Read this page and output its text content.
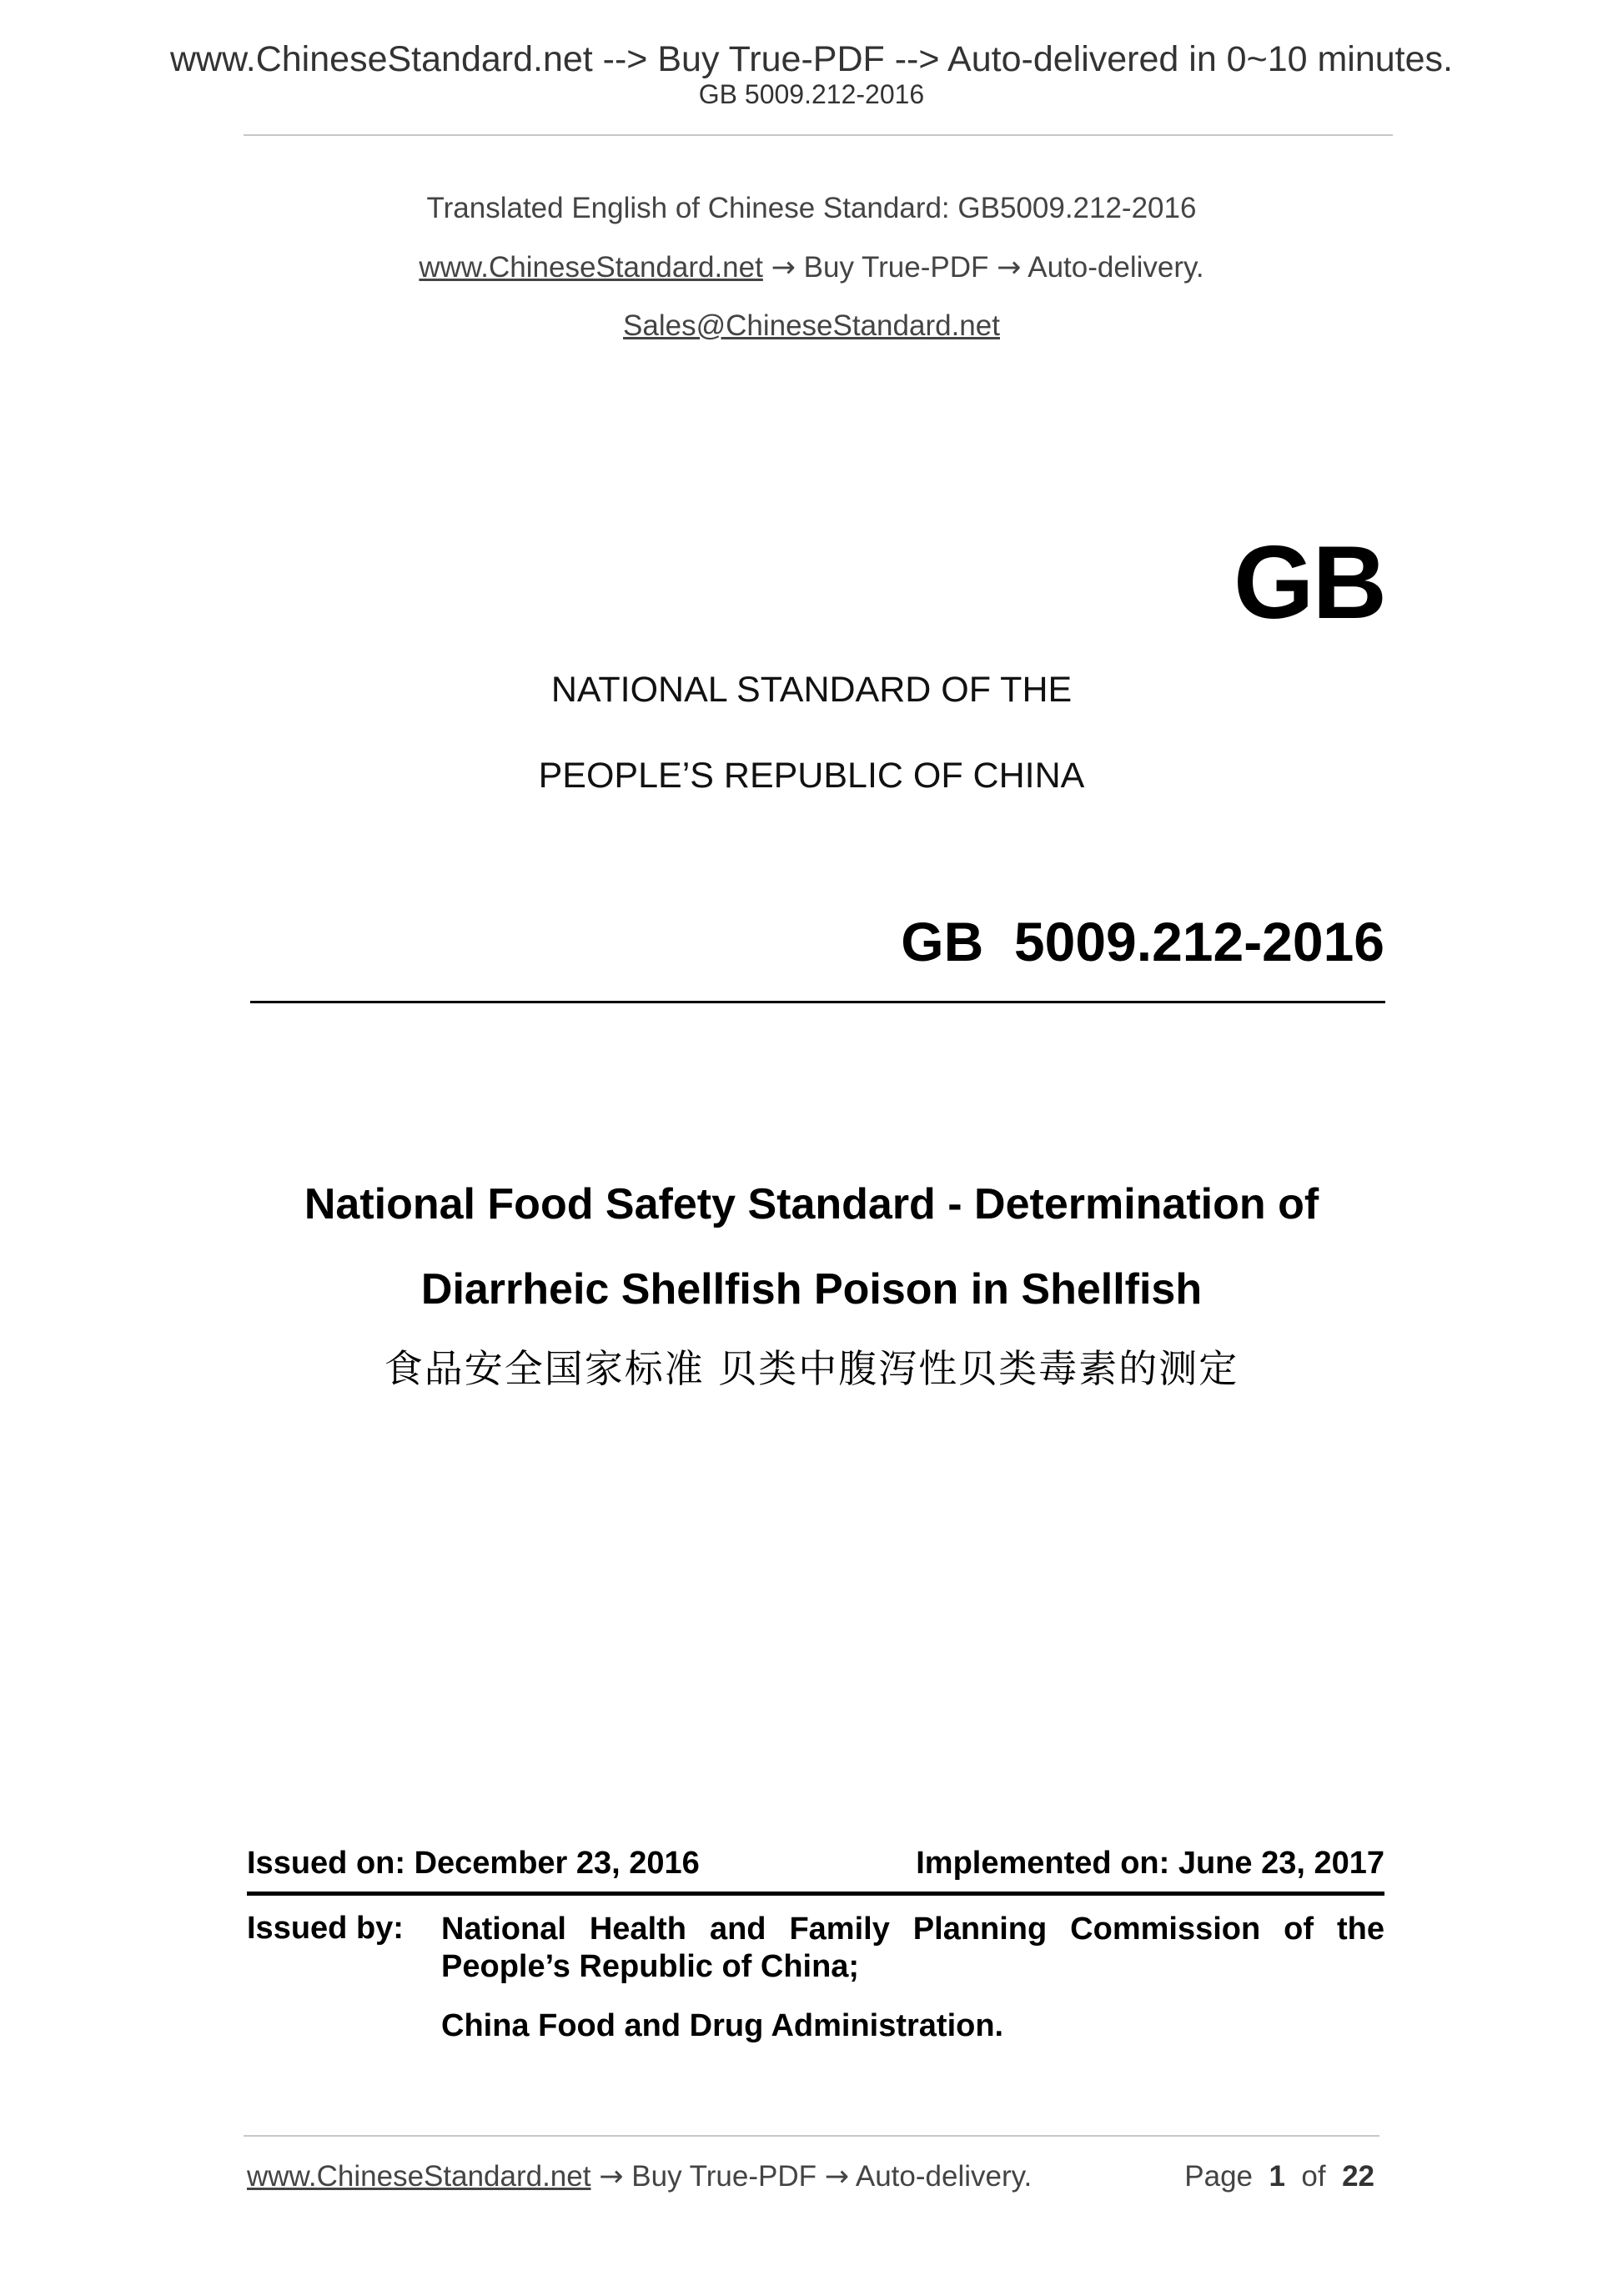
www.ChineseStandard.net --> Buy True-PDF --> Auto-delivered in 0~10 minutes.
GB 5009.212-2016
Translated English of Chinese Standard: GB5009.212-2016
www.ChineseStandard.net → Buy True-PDF → Auto-delivery.
Sales@ChineseStandard.net
GB
NATIONAL STANDARD OF THE
PEOPLE’S REPUBLIC OF CHINA
GB  5009.212-2016
National Food Safety Standard - Determination of
Diarrheic Shellfish Poison in Shellfish
食品安全国家标准 贝类中腹泻性贝类毒素的测定
Issued on: December 23, 2016	Implemented on: June 23, 2017
Issued by: National Health and Family Planning Commission of the
People’s Republic of China;
China Food and Drug Administration.
www.ChineseStandard.net → Buy True-PDF → Auto-delivery.	Page 1 of 22
